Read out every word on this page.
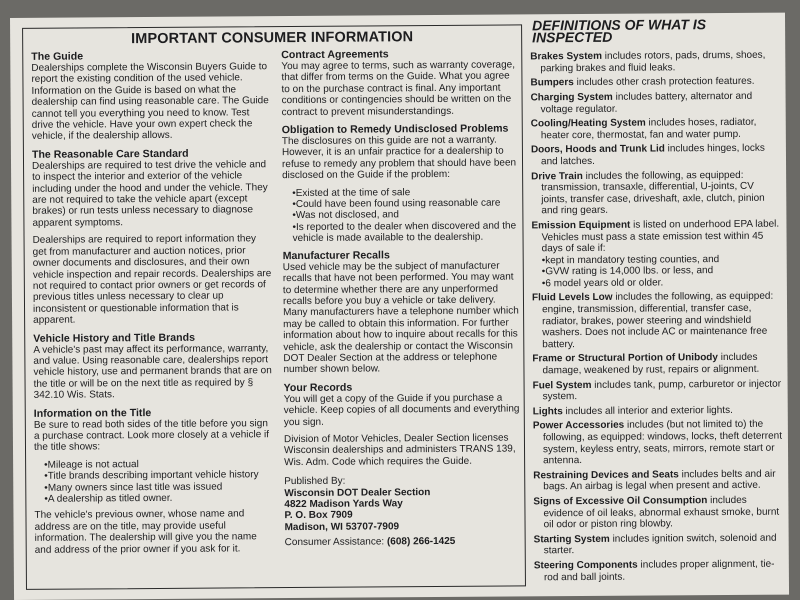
IMPORTANT CONSUMER INFORMATION
The Guide

Dealerships complete the Wisconsin Buyers Guide to report the existing condition of the used vehicle. Information on the Guide is based on what the dealership can find using reasonable care. The Guide cannot tell you everything you need to know. Test drive the vehicle. Have your own expert check the vehicle, if the dealership allows.

The Reasonable Care Standard

Dealerships are required to test drive the vehicle and to inspect the interior and exterior of the vehicle including under the hood and under the vehicle. They are not required to take the vehicle apart (except brakes) or run tests unless necessary to diagnose apparent symptoms.

Dealerships are required to report information they get from manufacturer and auction notices, prior owner documents and disclosures, and their own vehicle inspection and repair records. Dealerships are not required to contact prior owners or get records of previous titles unless necessary to clear up inconsistent or questionable information that is apparent.

Vehicle History and Title Brands

A vehicle's past may affect its performance, warranty, and value. Using reasonable care, dealerships report vehicle history, use and permanent brands that are on the title or will be on the next title as required by § 342.10 Wis. Stats.

Information on the Title

Be sure to read both sides of the title before you sign a purchase contract. Look more closely at a vehicle if the title shows:

• Mileage is not actual
• Title brands describing important vehicle history
• Many owners since last title was issued
• A dealership as titled owner.

The vehicle's previous owner, whose name and address are on the title, may provide useful information. The dealership will give you the name and address of the prior owner if you ask for it.

Contract Agreements

You may agree to terms, such as warranty coverage, that differ from terms on the Guide. What you agree to on the purchase contract is final. Any important conditions or contingencies should be written on the contract to prevent misunderstandings.

Obligation to Remedy Undisclosed Problems

The disclosures on this guide are not a warranty. However, it is an unfair practice for a dealership to refuse to remedy any problem that should have been disclosed on the Guide if the problem:

• Existed at the time of sale
• Could have been found using reasonable care
• Was not disclosed, and
• Is reported to the dealer when discovered and the vehicle is made available to the dealership.
Manufacturer Recalls

Used vehicle may be the subject of manufacturer recalls that have not been performed. You may want to determine whether there are any unperformed recalls before you buy a vehicle or take delivery. Many manufacturers have a telephone number which may be called to obtain this information. For further information about how to inquire about recalls for this vehicle, ask the dealership or contact the Wisconsin DOT Dealer Section at the address or telephone number shown below.

Your Records

You will get a copy of the Guide if you purchase a vehicle. Keep copies of all documents and everything you sign.

Division of Motor Vehicles, Dealer Section licenses Wisconsin dealerships and administers TRANS 139, Wis. Adm. Code which requires the Guide.

Published By:
Wisconsin DOT Dealer Section
4822 Madison Yards Way
P. O. Box 7909
Madison, WI 53707-7909
Consumer Assistance: (608) 266-1425
DEFINITIONS OF WHAT IS INSPECTED
Brakes System includes rotors, pads, drums, shoes, parking brakes and fluid leaks.
Bumpers includes other crash protection features.
Charging System includes battery, alternator and voltage regulator.
Cooling/Heating System includes hoses, radiator, heater core, thermostat, fan and water pump.
Doors, Hoods and Trunk Lid includes hinges, locks and latches.
Drive Train includes the following, as equipped: transmission, transaxle, differential, U-joints, CV joints, transfer case, driveshaft, axle, clutch, pinion and ring gears.
Emission Equipment is listed on underhood EPA label. Vehicles must pass a state emission test within 45 days of sale if:
• kept in mandatory testing counties, and
• GVW rating is 14,000 lbs. or less, and
• 6 model years old or older.
Fluid Levels Low includes the following, as equipped: engine, transmission, differential, transfer case, radiator, brakes, power steering and windshield washers. Does not include AC or maintenance free battery.
Frame or Structural Portion of Unibody includes damage, weakened by rust, repairs or alignment.
Fuel System includes tank, pump, carburetor or injector system.
Lights includes all interior and exterior lights.
Power Accessories includes (but not limited to) the following, as equipped: windows, locks, theft deterrent system, keyless entry, seats, mirrors, remote start or antenna.
Restraining Devices and Seats includes belts and air bags. An airbag is legal when present and active.
Signs of Excessive Oil Consumption includes evidence of oil leaks, abnormal exhaust smoke, burnt oil odor or piston ring blowby.
Starting System includes ignition switch, solenoid and starter.
Steering Components includes proper alignment, tie-rod and ball joints.
